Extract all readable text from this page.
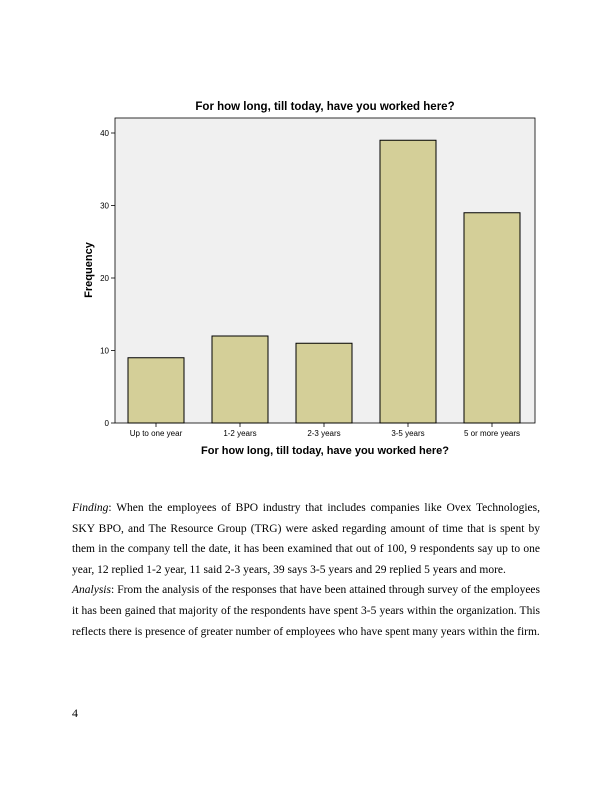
For how long, till today, have you worked here?
0
10
20
30
40
Up to one year	1-2 years	2-3 years	3-5 years	5 or more years
For how long, till today, have you worked here?
Frequency

Finding: When the employees of BPO industry that includes companies like Ovex Technologies, SKY BPO, and The Resource Group (TRG) were asked regarding amount of time that is spent by them in the company tell the date, it has been examined that out of 100, 9 respondents say up to one year, 12 replied 1-2 year, 11 said 2-3 years, 39 says 3-5 years and 29 replied 5 years and more.

Analysis: From the analysis of the responses that have been attained through survey of the employees it has been gained that majority of the respondents have spent 3-5 years within the organization. This reflects there is presence of greater number of employees who have spent many years within the firm.

4
